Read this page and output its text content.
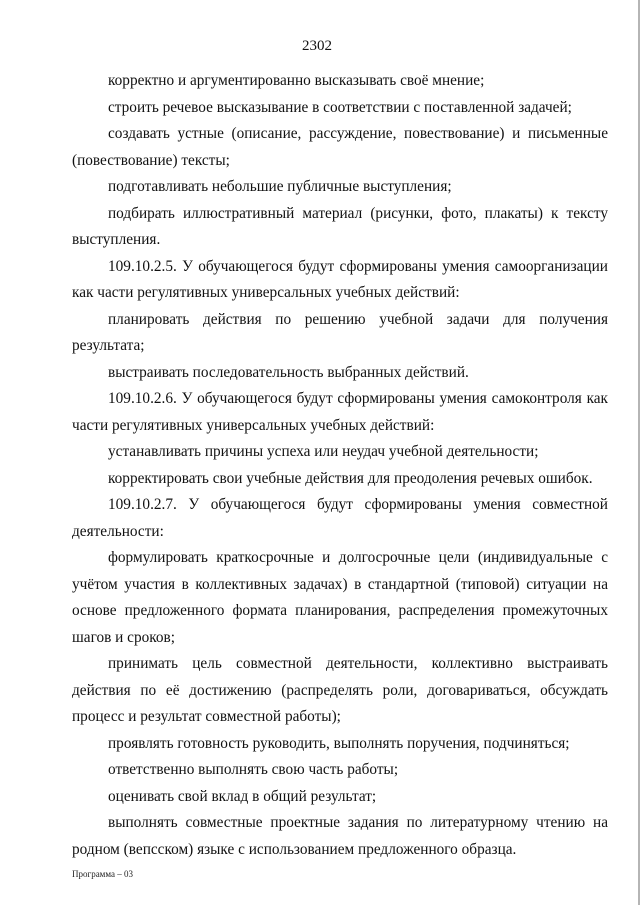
2302

корректно и аргументированно высказывать своё мнение;

строить речевое высказывание в соответствии с поставленной задачей;

создавать устные (описание, рассуждение, повествование) и письменные (повествование) тексты;

подготавливать небольшие публичные выступления;

подбирать иллюстративный материал (рисунки, фото, плакаты) к тексту выступления.

109.10.2.5. У обучающегося будут сформированы умения самоорганизации как части регулятивных универсальных учебных действий:

планировать действия по решению учебной задачи для получения результата;

выстраивать последовательность выбранных действий.

109.10.2.6. У обучающегося будут сформированы умения самоконтроля как части регулятивных универсальных учебных действий:

устанавливать причины успеха или неудач учебной деятельности;

корректировать свои учебные действия для преодоления речевых ошибок.

109.10.2.7. У обучающегося будут сформированы умения совместной деятельности:

формулировать краткосрочные и долгосрочные цели (индивидуальные с учётом участия в коллективных задачах) в стандартной (типовой) ситуации на основе предложенного формата планирования, распределения промежуточных шагов и сроков;

принимать цель совместной деятельности, коллективно выстраивать действия по её достижению (распределять роли, договариваться, обсуждать процесс и результат совместной работы);

проявлять готовность руководить, выполнять поручения, подчиняться;

ответственно выполнять свою часть работы;

оценивать свой вклад в общий результат;

выполнять совместные проектные задания по литературному чтению на родном (вепсском) языке с использованием предложенного образца.

Программа – 03
